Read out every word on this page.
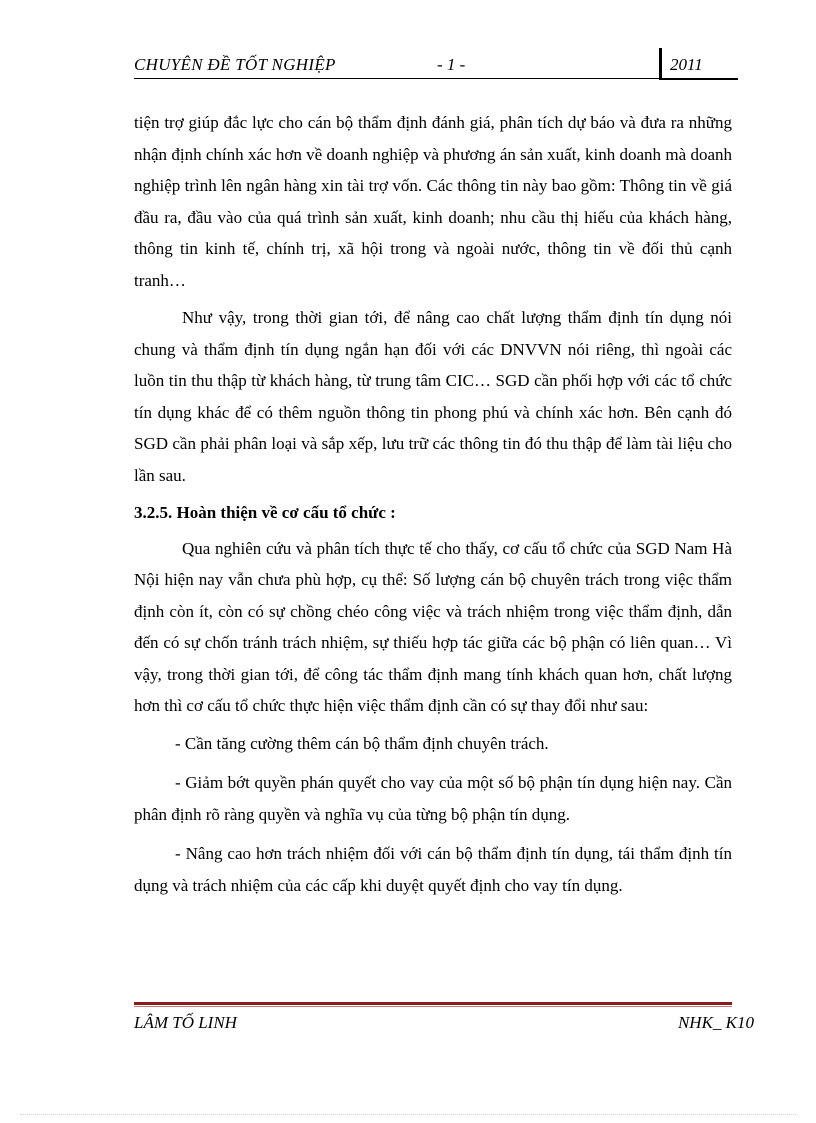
CHUYÊN ĐỀ TỐT NGHIỆP	- 1 -	2011

tiện trợ giúp đắc lực cho cán bộ thẩm định đánh giá, phân tích dự báo và đưa ra những nhận định chính xác hơn về doanh nghiệp và phương án sản xuất, kinh doanh mà doanh nghiệp trình lên ngân hàng xin tài trợ vốn. Các thông tin này bao gồm: Thông tin về giá đầu ra, đầu vào của quá trình sản xuất, kinh doanh; nhu cầu thị hiếu của khách hàng, thông tin kinh tế, chính trị, xã hội trong và ngoài nước, thông tin về đối thủ cạnh tranh…

Như vậy, trong thời gian tới, để nâng cao chất lượng thẩm định tín dụng nói chung và thẩm định tín dụng ngắn hạn đối với các DNVVN nói riêng, thì ngoài các luồn tin thu thập từ khách hàng, từ trung tâm CIC… SGD cần phối hợp với các tổ chức tín dụng khác để có thêm nguồn thông tin phong phú và chính xác hơn. Bên cạnh đó SGD cần phải phân loại và sắp xếp, lưu trữ các thông tin đó thu thập để làm tài liệu cho lần sau.

3.2.5. Hoàn thiện về cơ cấu tổ chức :

Qua nghiên cứu và phân tích thực tế cho thấy, cơ cấu tổ chức của SGD Nam Hà Nội hiện nay vẫn chưa phù hợp, cụ thể: Số lượng cán bộ chuyên trách trong việc thẩm định còn ít, còn có sự chồng chéo công việc và trách nhiệm trong việc thẩm định, dẫn đến có sự chốn tránh trách nhiệm, sự thiếu hợp tác giữa các bộ phận có liên quan… Vì vậy, trong thời gian tới, để công tác thẩm định mang tính khách quan hơn, chất lượng hơn thì cơ cấu tổ chức thực hiện việc thẩm định cần có sự thay đổi như sau:

- Cần tăng cường thêm cán bộ thẩm định chuyên trách.

- Giảm bớt quyền phán quyết cho vay của một số bộ phận tín dụng hiện nay. Cần phân định rõ ràng quyền và nghĩa vụ của từng bộ phận tín dụng.

- Nâng cao hơn trách nhiệm đối với cán bộ thẩm định tín dụng, tái thẩm định tín dụng và trách nhiệm của các cấp khi duyệt quyết định cho vay tín dụng.

LÂM TỐ LINH	NHK_ K10
